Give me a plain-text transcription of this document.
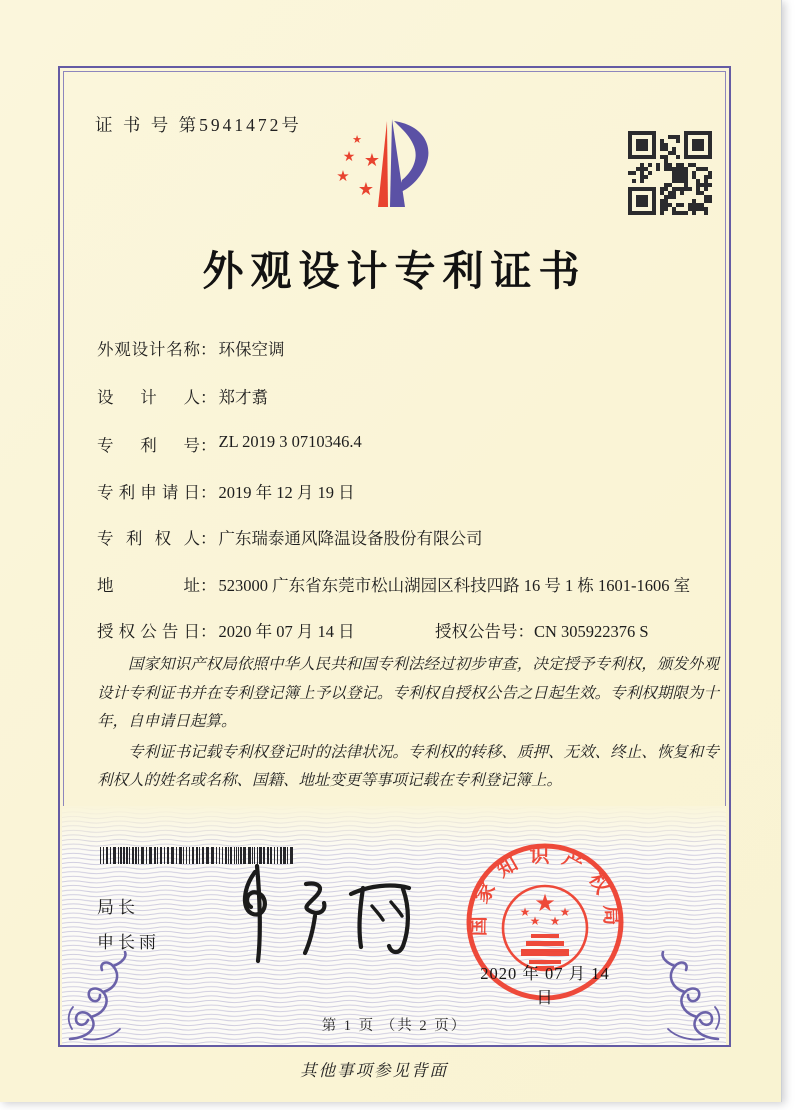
证 书 号 第5941472号
★
★ ★
★
★
外观设计专利证书
外观设计名称： 环保空调
设计人： 郑才翥
专利号： ZL 2019 3 0710346.4
专利申请日： 2019 年 12 月 19 日
专利权人： 广东瑞泰通风降温设备股份有限公司
地址： 523000 广东省东莞市松山湖园区科技四路 16 号 1 栋 1601-1606 室
授权公告日： 2020 年 07 月 14 日	授权公告号：CN 305922376 S

国家知识产权局依照中华人民共和国专利法经过初步审查，决定授予专利权，颁发外观设计专利证书并在专利登记簿上予以登记。专利权自授权公告之日起生效。专利权期限为十年，自申请日起算。

专利证书记载专利权登记时的法律状况。专利权的转移、质押、无效、终止、恢复和专利权人的姓名或名称、国籍、地址变更等事项记载在专利登记簿上。

局长
申长雨
国家知识产权局
★
★
★ ★
★
2020 年 07 月 14 日
第 1 页 （共 2 页）
其他事项参见背面
